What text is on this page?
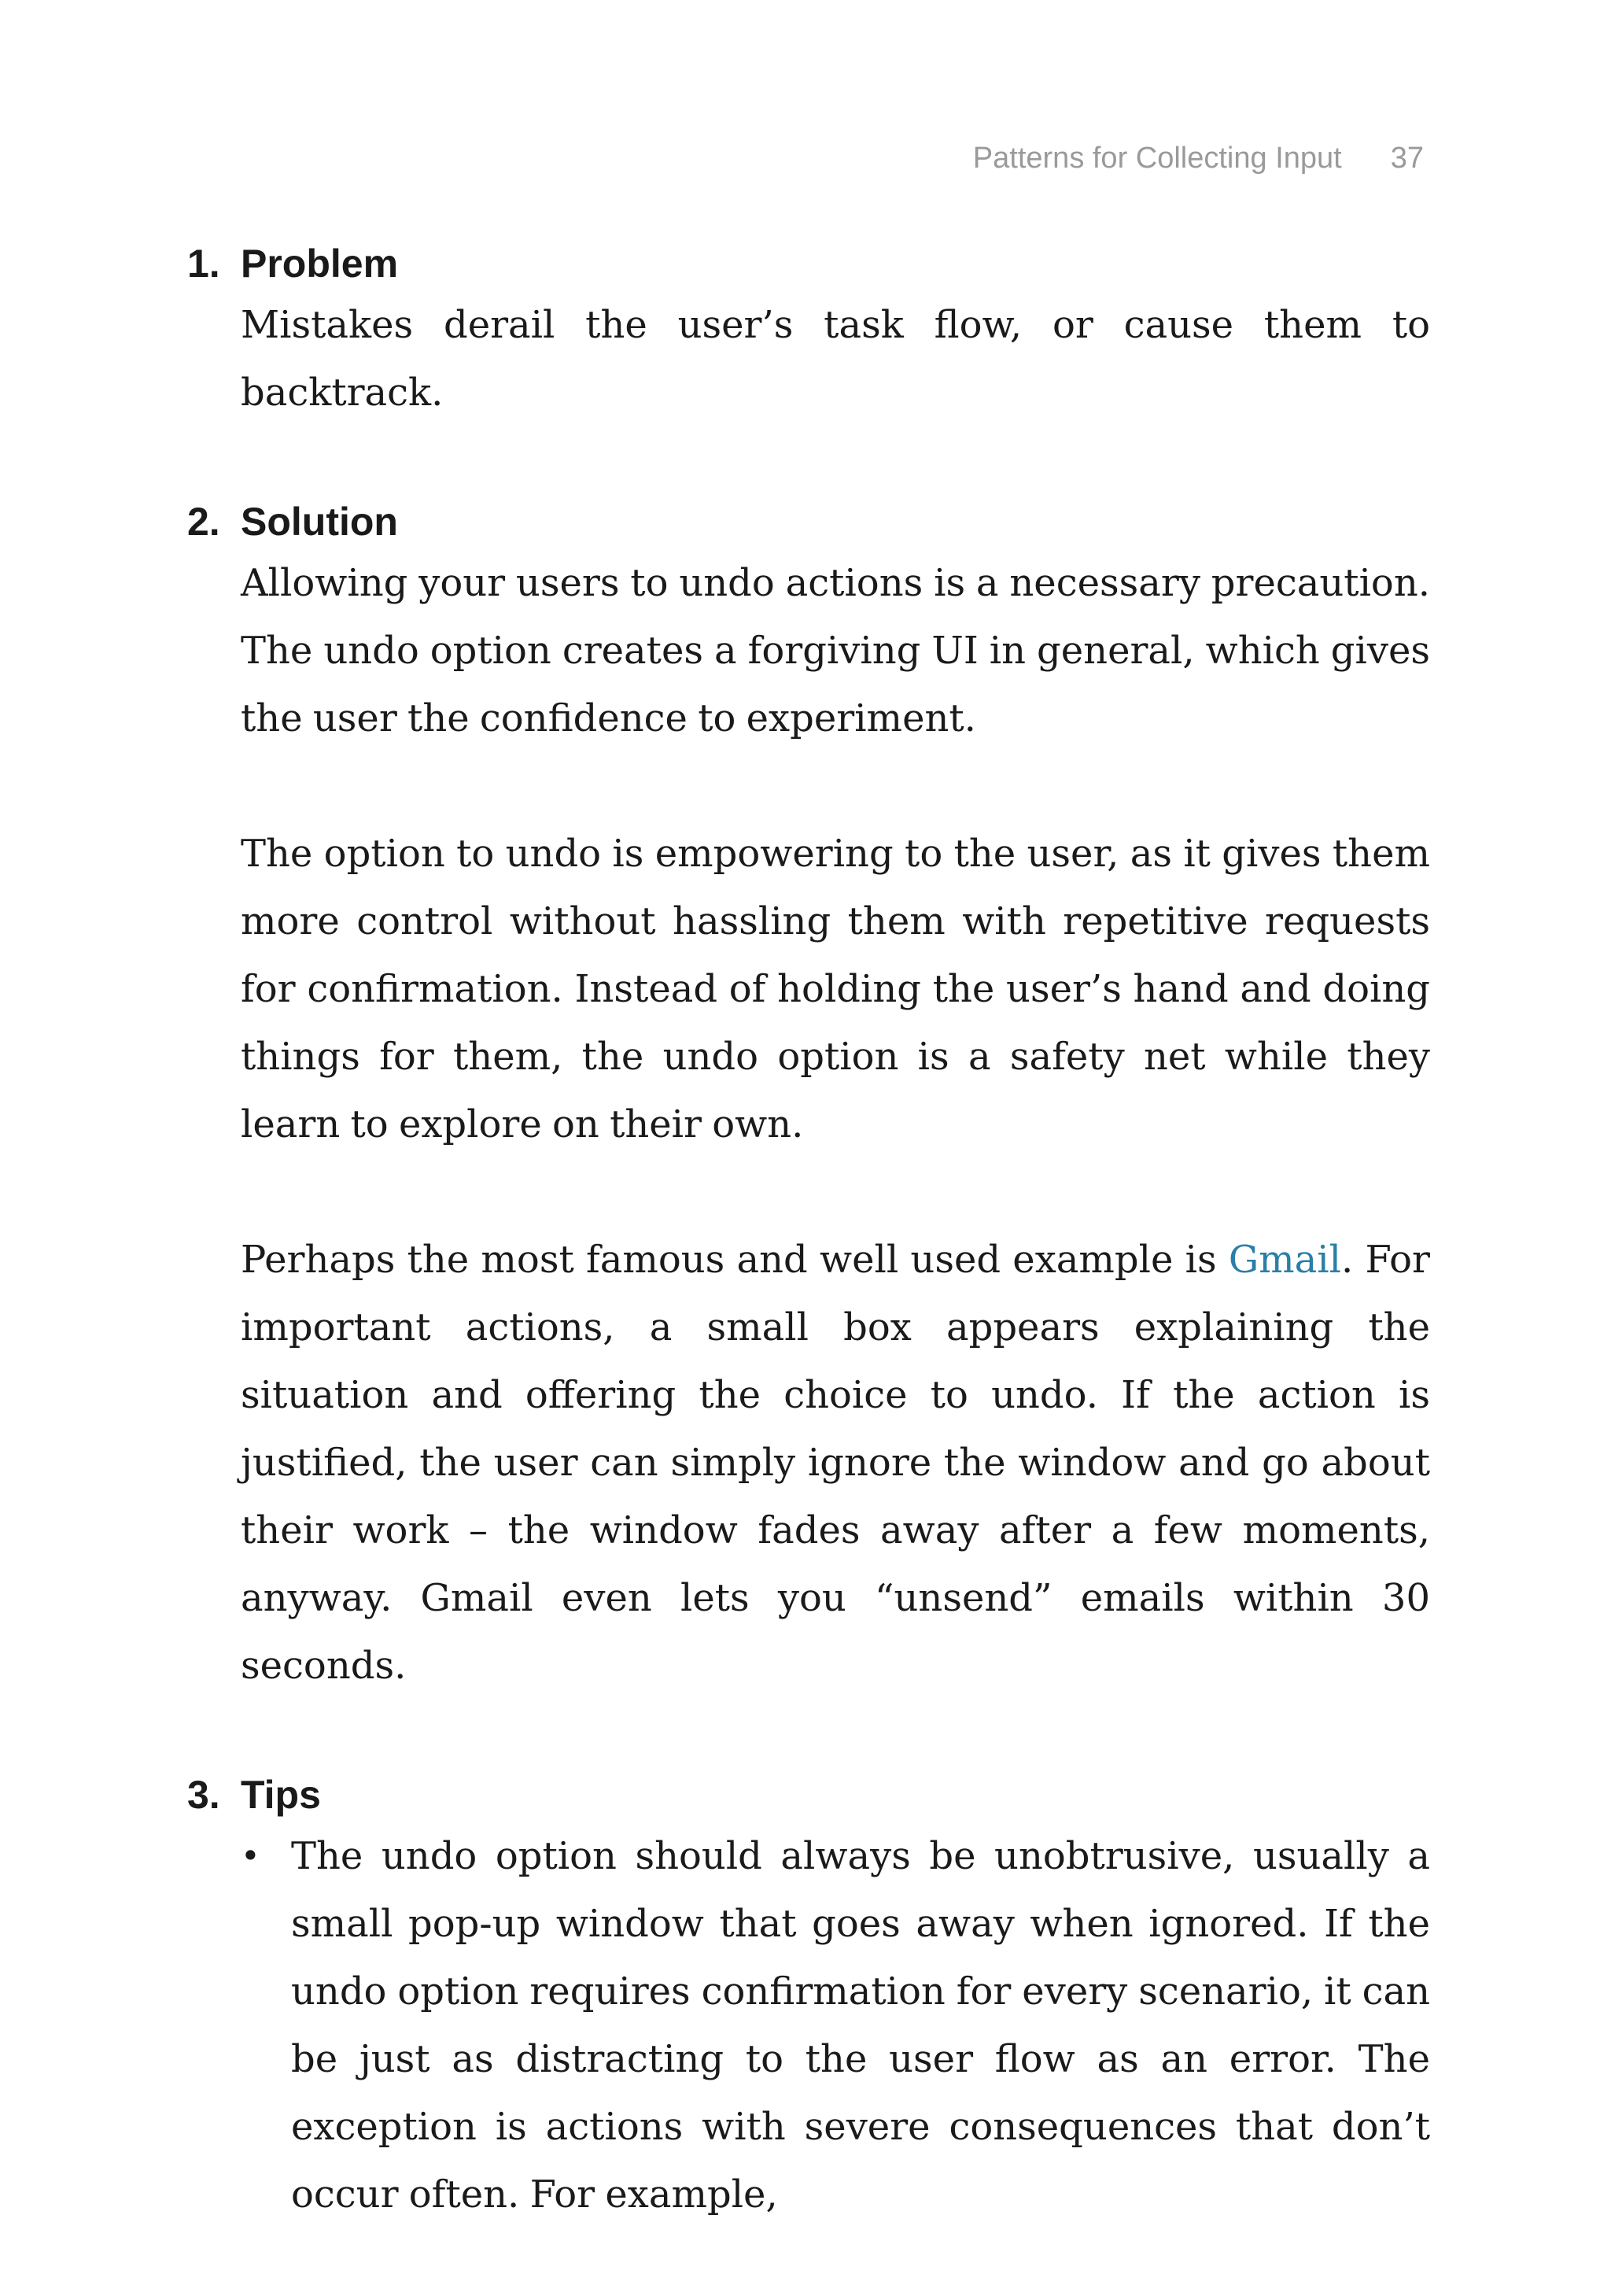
Patterns for Collecting Input 37
1. Problem

Mistakes derail the user’s task flow, or cause them to backtrack.

2. Solution

Allowing your users to undo actions is a necessary precaution. The undo option creates a forgiving UI in general, which gives the user the confidence to experiment.

The option to undo is empowering to the user, as it gives them more control without hassling them with repetitive requests for confirmation. Instead of holding the user’s hand and doing things for them, the undo option is a safety net while they learn to explore on their own.

Perhaps the most famous and well used example is Gmail. For important actions, a small box appears explaining the situation and offering the choice to undo. If the action is justified, the user can simply ignore the window and go about their work – the window fades away after a few moments, anyway. Gmail even lets you “unsend” emails within 30 seconds.

3. Tips
• The undo option should always be unobtrusive, usually a small pop-up window that goes away when ignored. If the undo option requires confirmation for every scenario, it can be just as distracting to the user flow as an error. The exception is actions with severe consequences that don’t occur often. For example,
